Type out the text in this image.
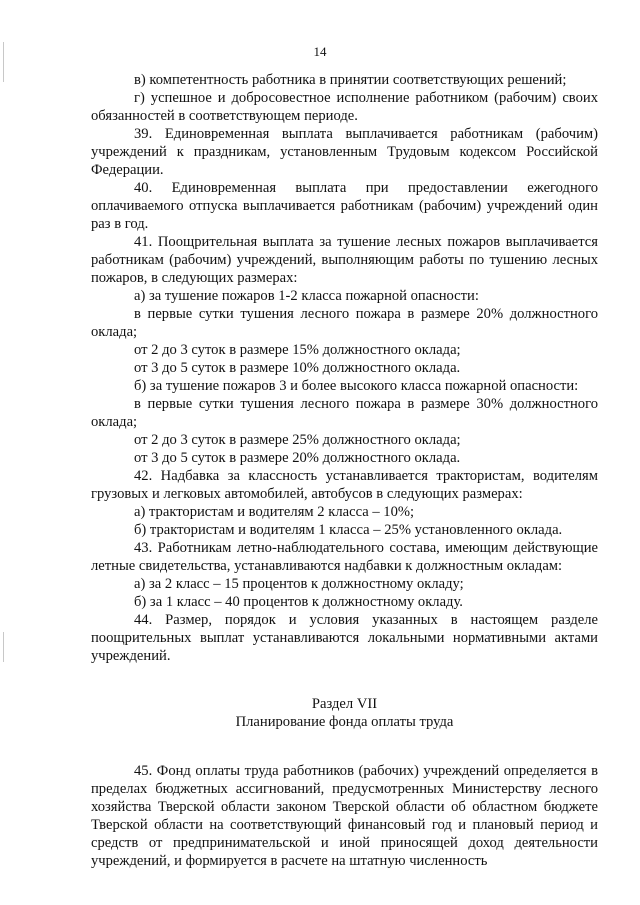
14

в) компетентность работника в принятии соответствующих решений;

г) успешное и добросовестное исполнение работником (рабочим) своих обязанностей в соответствующем периоде.

39. Единовременная выплата выплачивается работникам (рабочим) учреждений к праздникам, установленным Трудовым кодексом Российской Федерации.

40. Единовременная выплата при предоставлении ежегодного оплачиваемого отпуска выплачивается работникам (рабочим) учреждений один раз в год.

41. Поощрительная выплата за тушение лесных пожаров выплачивается работникам (рабочим) учреждений, выполняющим работы по тушению лесных пожаров, в следующих размерах:

а) за тушение пожаров 1-2 класса пожарной опасности:

в первые сутки тушения лесного пожара в размере 20% должностного оклада;

от 2 до 3 суток в размере 15% должностного оклада;

от 3 до 5 суток в размере 10% должностного оклада.

б) за тушение пожаров 3 и более высокого класса пожарной опасности:

в первые сутки тушения лесного пожара в размере 30% должностного оклада;

от 2 до 3 суток в размере 25% должностного оклада;

от 3 до 5 суток в размере 20% должностного оклада.

42. Надбавка за классность устанавливается трактористам, водителям грузовых и легковых автомобилей, автобусов в следующих размерах:

а) трактористам и водителям 2 класса – 10%;

б) трактористам и водителям 1 класса – 25% установленного оклада.

43. Работникам летно-наблюдательного состава, имеющим действующие летные свидетельства, устанавливаются надбавки к должностным окладам:

а) за 2 класс – 15 процентов к должностному окладу;

б) за 1 класс – 40 процентов к должностному окладу.

44. Размер, порядок и условия указанных в настоящем разделе поощрительных выплат устанавливаются локальными нормативными актами учреждений.

Раздел VII

Планирование фонда оплаты труда

45. Фонд оплаты труда работников (рабочих) учреждений определяется в пределах бюджетных ассигнований, предусмотренных Министерству лесного хозяйства Тверской области законом Тверской области об областном бюджете Тверской области на соответствующий финансовый год и плановый период и средств от предпринимательской и иной приносящей доход деятельности учреждений, и формируется в расчете на штатную численность
